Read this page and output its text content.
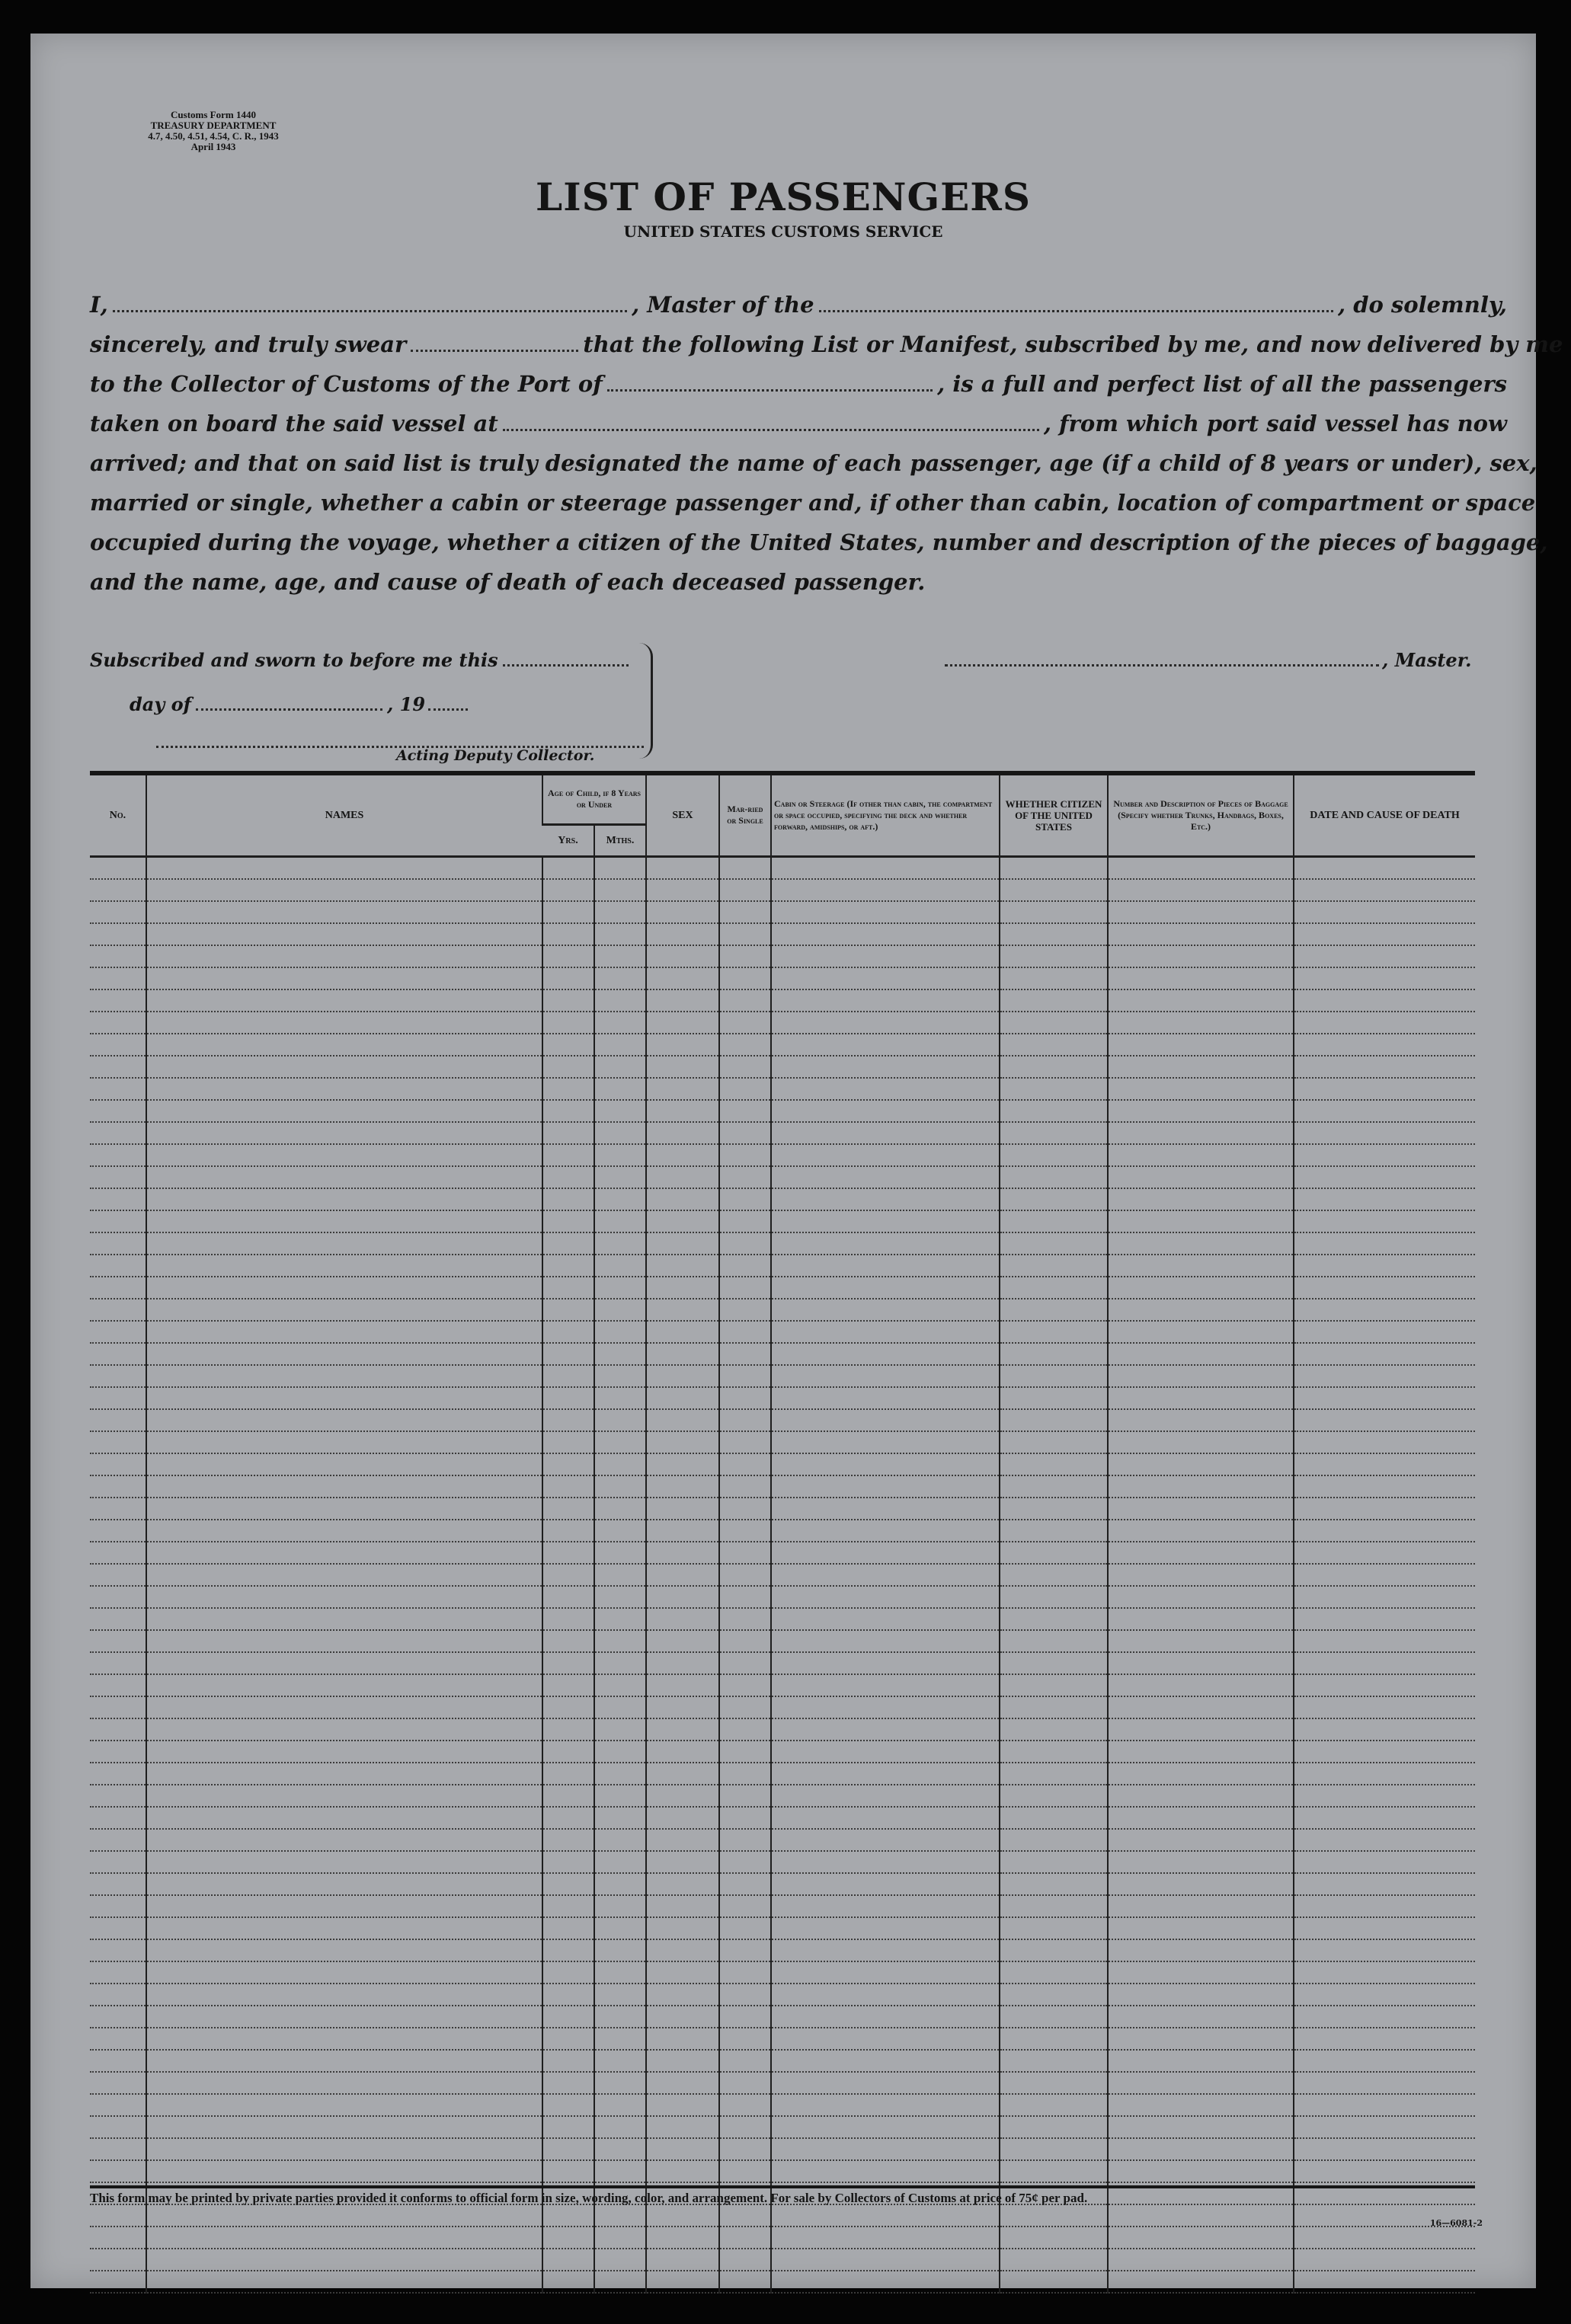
Customs Form 1440
TREASURY DEPARTMENT
4.7, 4.50, 4.51, 4.54, C. R., 1943
April 1943
LIST OF PASSENGERS
UNITED STATES CUSTOMS SERVICE
I,	, Master of the	, do solemnly,
sincerely, and truly swear	that the following List or Manifest, subscribed by me, and now delivered by me
to the Collector of Customs of the Port of	, is a full and perfect list of all the passengers
taken on board the said vessel at	, from which port said vessel has now
arrived; and that on said list is truly designated the name of each passenger, age (if a child of 8 years or under), sex,
married or single, whether a cabin or steerage passenger and, if other than cabin, location of compartment or space
occupied during the voyage, whether a citizen of the United States, number and description of the pieces of baggage,
and the name, age, and cause of death of each deceased passenger.
Subscribed and sworn to before me this
day of	, 19
Acting Deputy Collector.
, Master.
No.	NAMES	Age of Child, if 8 Years or Under		SEX	Mar-ried or Single	Cabin or Steerage (If other than cabin, the compartment or space occupied, specifying the deck and whether forward, amidships, or aft.)	WHETHER CITIZEN OF THE UNITED STATES	Number and Description of Pieces of Baggage (Specify whether Trunks, Handbags, Boxes, Etc.)	DATE AND CAUSE OF DEATH
		Yrs.	Mths.						

This form may be printed by private parties provided it conforms to official form in size, wording, color, and arrangement. For sale by Collectors of Customs at price of 75¢ per pad.
16—6081-2
